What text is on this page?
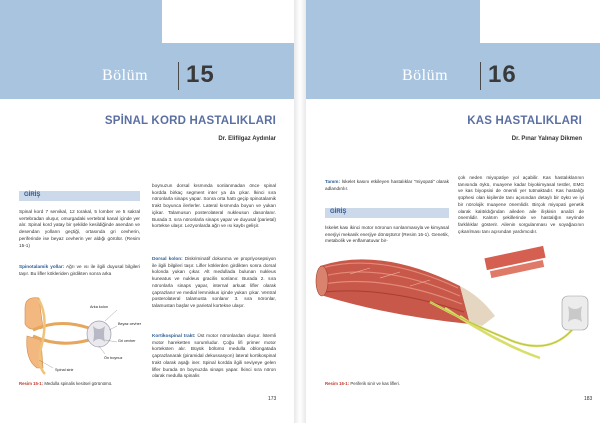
Bölüm 15
SPİNAL KORD HASTALIKLARI
Dr. Elifilgaz Aydınlar
GİRİŞ
Spinal kord 7 servikal, 12 torakal, 5 lomber ve 5 sakral vertebradan oluşur, omurgadaki vertebral kanal içinde yer alır. Spinal kord yatay bir şekilde kesildiğinde asendan ve desendan yolların geçtiği, ortasında gri cevherin, periferinde ise beyaz cevherin yer aldığı görülür. (Resim 15-1)
Spinotalamik yollar: Ağrı ve ısı ile ilgili duyusal bilgileri taşır. Bu lifler kökleriden girdikten sonra arka
Arka kolon
Beyaz cevher
Gri cevher
Ön boynuz
Spinal sinir
Resim 15-1: Medulla spinalis kesitsel görünümü.
boynuzun dorsal kısmında sonlanmadan önce spinal kordda birkaç segment inter ya da çıkar. İkinci sıra nöronlarla sinaps yapar. Sonra orta hattı geçip spinotalamik trakt boyunca ilerlerler. Lateral kısmında boyun ve yukarı içikar. Talamusun posterolateral nukleusun dasonlanır. Burada 3. sıra nöronlarla sinaps yapar ve duyusal (parietal) kortekse ulaşır. Lezyonlarda ağrı ve ısı kaybı gelişir.
Dorsal kolon: Diskriminatif dokunma ve propriyosepsiyon ile ilgili bilgileri taşır. Lifler köklerden girdikten sonra dorsal kolonda yukarı çıkar. Alt medullada bulunan nukleus kuneatus ve nukleus gracilis sonlanır. Burada 2. sıra nöronlarla sinaps yapar, internal arkuat lifler olarak çaprazlanır ve medial lemniskus içinde yukarı çıkar. Ventral posterolateral talamusta sonlanır 3. sıra nöronlar, talamustan başlar ve parietal kortekse ulaşır.
Kortikospinal trakt: Üst motor nöronlardan oluşur. İstemli motor hareketten sorumludur. Çoğu lifi primer motor korteksten alır. Büyük bölümü medulla oblongatada çaprazlanarak (piramidal dekussasyon) lateral kortikospinal trakt olarak aşağı iner. Spinal kordda ilgili seviyeye gelen lifler burada ön boynuzda sinaps yapar. İkinci sıra nöron olarak medulla spinalis
173
Bölüm 16
KAS HASTALIKLARI
Dr. Pınar Yalınay Dikmen
Tanım: İskelet kasını etkileyen hastalıklar "miyopati" olarak adlandırılır.
GİRİŞ
İskelet kası ikinci motor nöronun sonlanmasıyla ve kimyasal enerjiyi mekanik enerjiye dönüştürür (Resim 16-1). Genetik, metabolik ve enflamatuvar bir-
Resim 16-1: Periferik sinir ve kas lifleri.
çok neden miyopatiye yol açabilir. Kas hastalıklarının tanısında öykü, muayene kadar biyokimyasal testler, EMG ve kas biyopsisi de önemli yer tutmaktadır. Kas hastalığı şüphesi olan kişilerde tanı açısından detaylı bir öykü ve iyi bir nörolojik muayene önemlidir. Birçok miyopati genetik olarak kalıtıldığından aileden aile ilişkisin analizi de önemlidir. Kalıtım şekillerinde ve hastalığın seyrinde farklılıklar gösterir. Ailenin sorgulanması ve soyağacının çıkarılması tanı açısından yardımcıdır.
183
